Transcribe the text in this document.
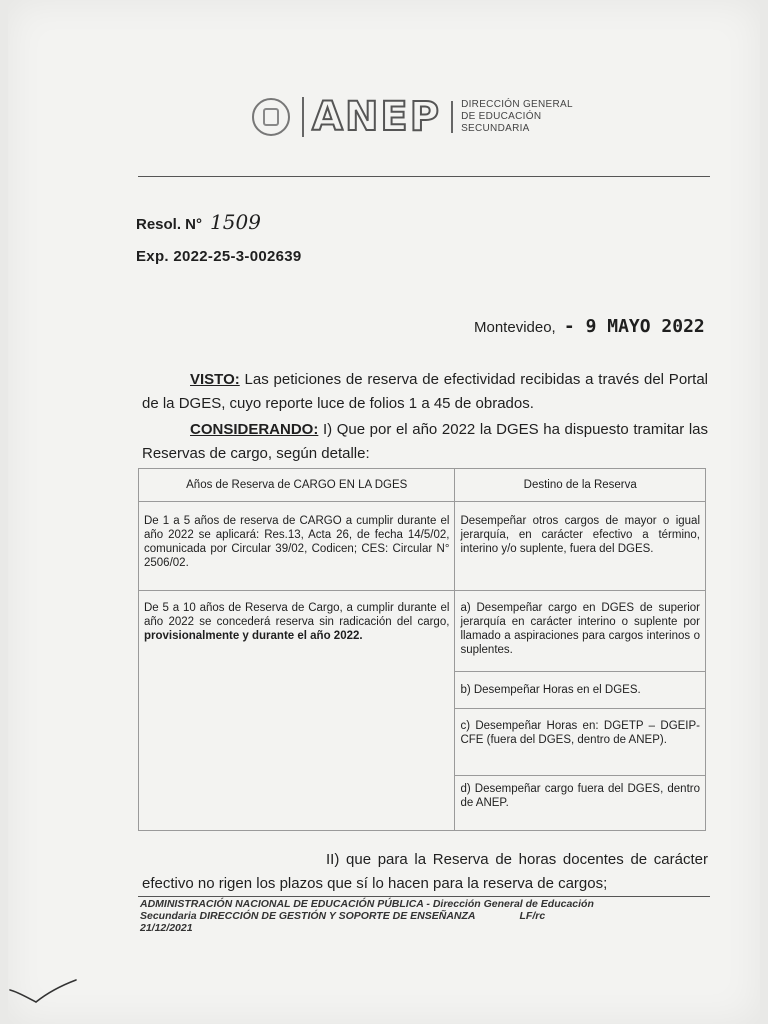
ANEP DIRECCIÓN GENERAL
DE EDUCACIÓN
SECUNDARIA
Resol. N° 1509
Exp. 2022-25-3-002639
Montevideo, - 9 MAYO 2022
VISTO: Las peticiones de reserva de efectividad recibidas a través del Portal de la DGES, cuyo reporte luce de folios 1 a 45 de obrados.
CONSIDERANDO: I) Que por el año 2022 la DGES ha dispuesto tramitar las Reservas de cargo, según detalle:
Años de Reserva de CARGO EN LA DGES	Destino de la Reserva
De 1 a 5 años de reserva de CARGO a cumplir durante el año 2022 se aplicará: Res.13, Acta 26, de fecha 14/5/02, comunicada por Circular 39/02, Codicen; CES: Circular N° 2506/02.	Desempeñar otros cargos de mayor o igual jerarquía, en carácter efectivo a término, interino y/o suplente, fuera del DGES.
De 5 a 10 años de Reserva de Cargo, a cumplir durante el año 2022 se concederá reserva sin radicación del cargo, provisionalmente y durante el año 2022.	a) Desempeñar cargo en DGES de superior jerarquía en carácter interino o suplente por llamado a aspiraciones para cargos interinos o suplentes.
	b) Desempeñar Horas en el DGES.
	c) Desempeñar Horas en: DGETP – DGEIP- CFE (fuera del DGES, dentro de ANEP).
	d) Desempeñar cargo fuera del DGES, dentro de ANEP.
II) que para la Reserva de horas docentes de carácter efectivo no rigen los plazos que sí lo hacen para la reserva de cargos;
ADMINISTRACIÓN NACIONAL DE EDUCACIÓN PÚBLICA - Dirección General de Educación
Secundaria DIRECCIÓN DE GESTIÓN Y SOPORTE DE ENSEÑANZA	LF/rc
21/12/2021
